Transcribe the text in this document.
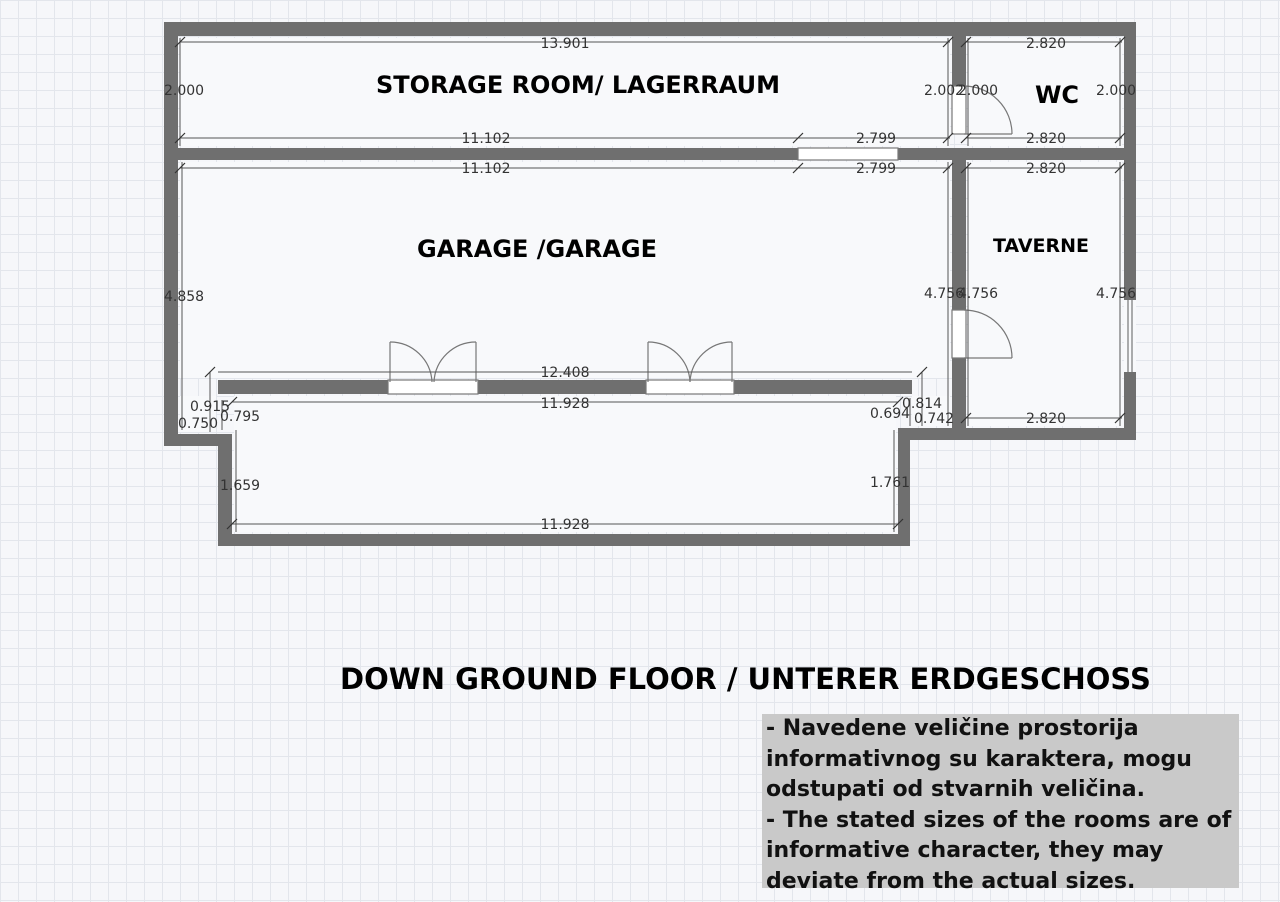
13.901	2.820
2.000	2.002
2.000	2.000
11.102	2.799	2.820
11.102	2.799	2.820
4.858	4.756
4.756	4.756
12.408
11.928
0.915
0.795
0.750
0.814
0.694 0.742	2.820
1.659	1.761
11.928
STORAGE ROOM/ LAGERRAUM	WC
GARAGE /GARAGE	TAVERNE
DOWN GROUND FLOOR / UNTERER ERDGESCHOSS

- Navedene veličine prostorija informativnog su karaktera, mogu odstupati od stvarnih veličina.

- The stated sizes of the rooms are of informative character, they may deviate from the actual sizes.
